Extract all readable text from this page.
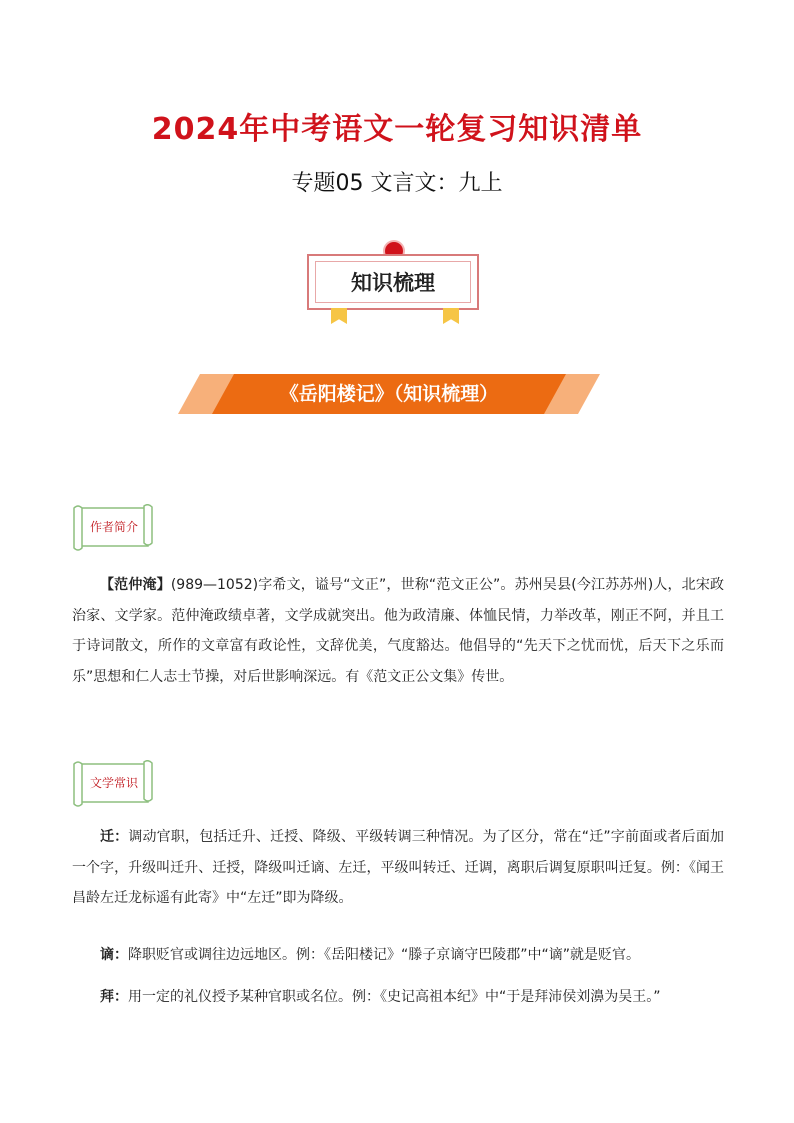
2024年中考语文一轮复习知识清单
专题05 文言文：九上
知识梳理
《岳阳楼记》（知识梳理）
作者简介
【范仲淹】(989—1052)字希文，谥号“文正”，世称“范文正公”。苏州吴县(今江苏苏州)人，北宋政治家、文学家。范仲淹政绩卓著，文学成就突出。他为政清廉、体恤民情，力举改革，刚正不阿，并且工于诗词散文，所作的文章富有政论性，文辞优美，气度豁达。他倡导的“先天下之忧而忧，后天下之乐而乐”思想和仁人志士节操，对后世影响深远。有《范文正公文集》传世。
文学常识
迁：调动官职，包括迁升、迁授、降级、平级转调三种情况。为了区分，常在“迁”字前面或者后面加一个字，升级叫迁升、迁授，降级叫迁谪、左迁，平级叫转迁、迁调，离职后调复原职叫迁复。例：《闻王昌龄左迁龙标遥有此寄》中“左迁”即为降级。
谪：降职贬官或调往边远地区。例：《岳阳楼记》“滕子京谪守巴陵郡”中“谪”就是贬官。
拜：用一定的礼仪授予某种官职或名位。例：《史记高祖本纪》中“于是拜沛侯刘濞为吴王。”
